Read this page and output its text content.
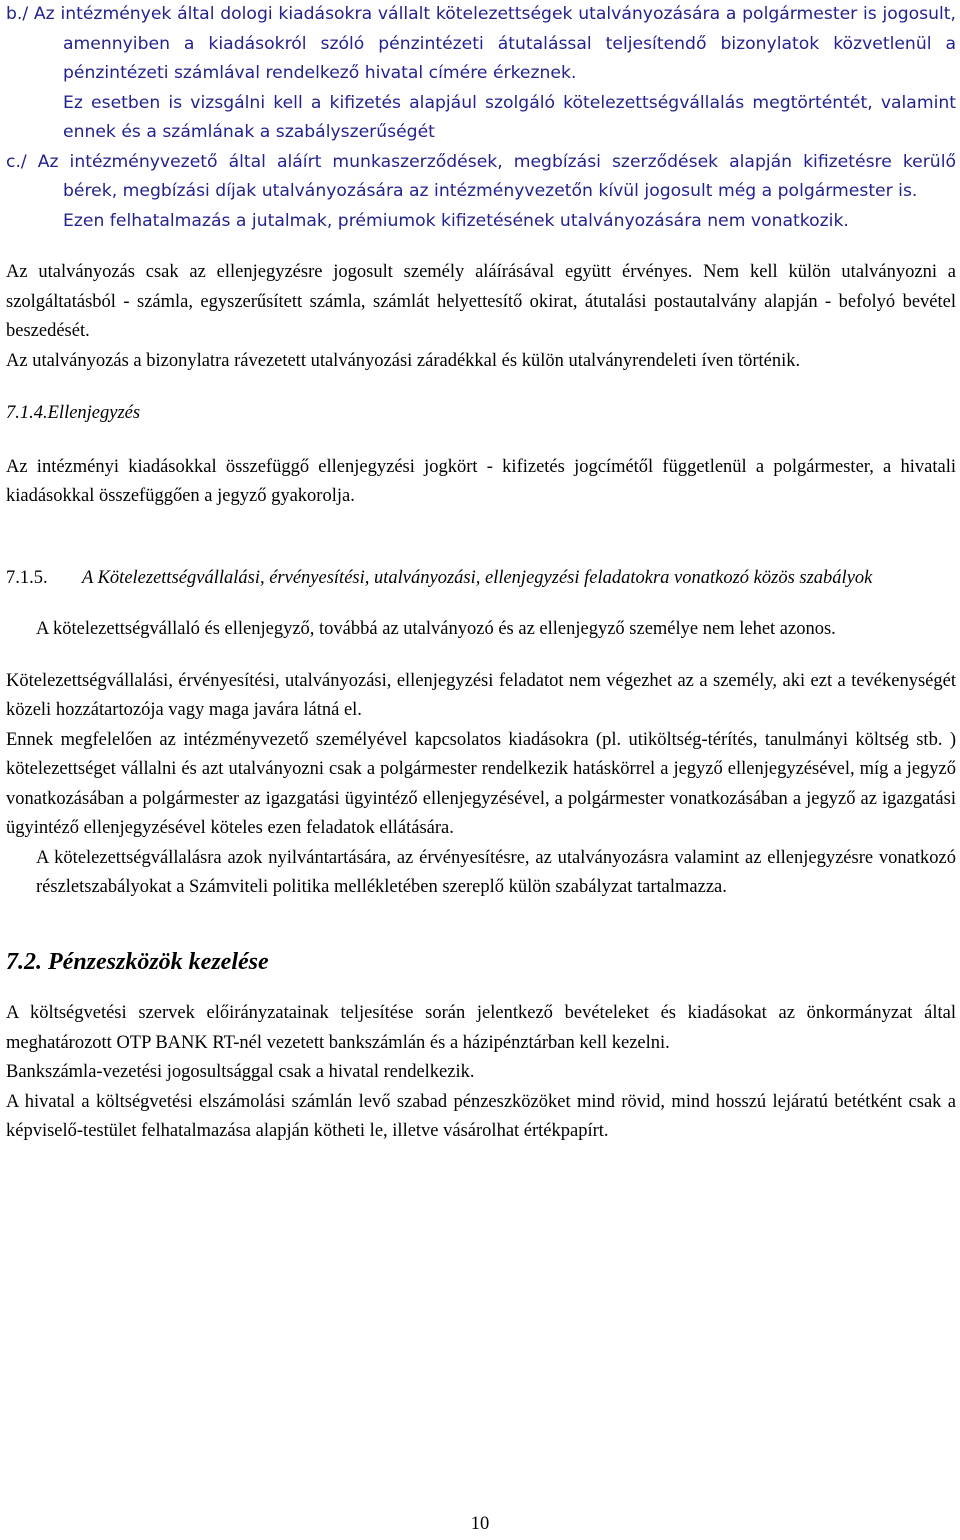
b./ Az intézmények által dologi kiadásokra vállalt kötelezettségek utalványozására a polgármester is jogosult, amennyiben a kiadásokról szóló pénzintézeti átutalással teljesítendő bizonylatok közvetlenül a pénzintézeti számlával rendelkező hivatal címére érkeznek.

Ez esetben is vizsgálni kell a kifizetés alapjául szolgáló kötelezettségvállalás megtörténtét, valamint ennek és a számlának a szabályszerűségét

c./ Az intézményvezető által aláírt munkaszerződések, megbízási szerződések alapján kifizetésre kerülő bérek, megbízási díjak utalványozására az intézményvezetőn kívül jogosult még a polgármester is.

Ezen felhatalmazás a jutalmak, prémiumok kifizetésének utalványozására nem vonatkozik.

Az utalványozás csak az ellenjegyzésre jogosult személy aláírásával együtt érvényes. Nem kell külön utalványozni a szolgáltatásból - számla, egyszerűsített számla, számlát helyettesítő okirat, átutalási postautalvány alapján - befolyó bevétel beszedését.

Az utalványozás a bizonylatra rávezetett utalványozási záradékkal és külön utalványrendeleti íven történik.

7.1.4.Ellenjegyzés

Az intézményi kiadásokkal összefüggő ellenjegyzési jogkört - kifizetés jogcímétől függetlenül a polgármester, a hivatali kiadásokkal összefüggően a jegyző gyakorolja.

7.1.5.	A Kötelezettségvállalási, érvényesítési, utalványozási, ellenjegyzési feladatokra vonatkozó közös szabályok

A kötelezettségvállaló és ellenjegyző, továbbá az utalványozó és az ellenjegyző személye nem lehet azonos.

Kötelezettségvállalási, érvényesítési, utalványozási, ellenjegyzési feladatot nem végezhet az a személy, aki ezt a tevékenységét közeli hozzátartozója vagy maga javára látná el.

Ennek megfelelően az intézményvezető személyével kapcsolatos kiadásokra (pl. utiköltség-térítés, tanulmányi költség stb. ) kötelezettséget vállalni és azt utalványozni csak a polgármester rendelkezik hatáskörrel a jegyző ellenjegyzésével, míg a jegyző vonatkozásában a polgármester az igazgatási ügyintéző ellenjegyzésével, a polgármester vonatkozásában a jegyző az igazgatási ügyintéző ellenjegyzésével köteles ezen feladatok ellátására.

A kötelezettségvállalásra azok nyilvántartására, az érvényesítésre, az utalványozásra valamint az ellenjegyzésre vonatkozó részletszabályokat a Számviteli politika mellékletében szereplő külön szabályzat tartalmazza.

7.2. Pénzeszközök kezelése

A költségvetési szervek előirányzatainak teljesítése során jelentkező bevételeket és kiadásokat az önkormányzat által meghatározott OTP BANK RT-nél vezetett bankszámlán és a házipénztárban kell kezelni.

Bankszámla-vezetési jogosultsággal csak a hivatal rendelkezik.

A hivatal a költségvetési elszámolási számlán levő szabad pénzeszközöket mind rövid, mind hosszú lejáratú betétként csak a képviselő-testület felhatalmazása alapján kötheti le, illetve vásárolhat értékpapírt.

10
